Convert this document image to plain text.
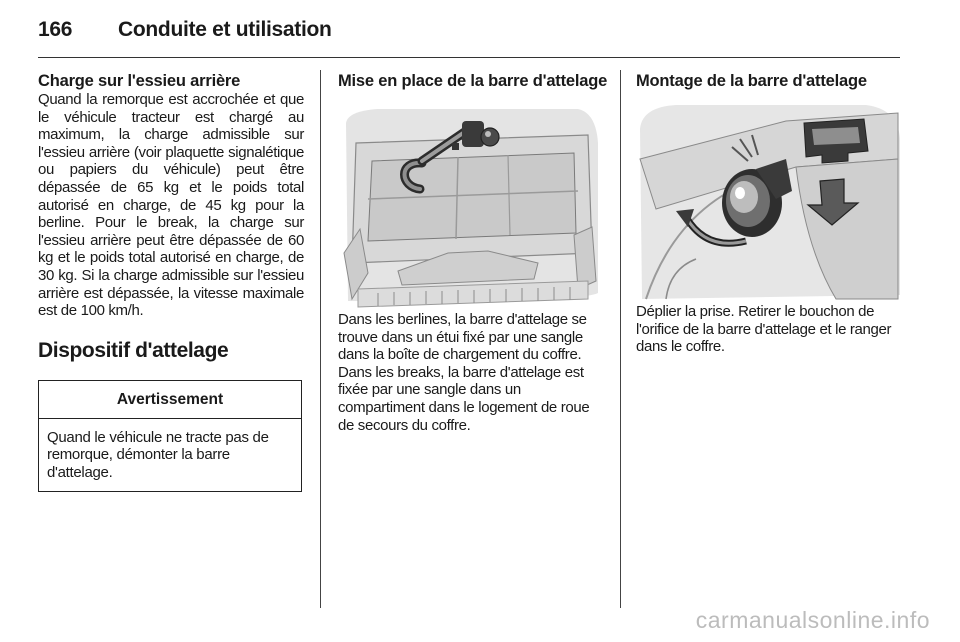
166 Conduite et utilisation
Charge sur l'essieu arrière

Quand la remorque est accrochée et que le véhicule tracteur est chargé au maximum, la charge admissible sur l'essieu arrière (voir plaquette signalétique ou papiers du véhicule) peut être dépassée de 65 kg et le poids total autorisé en charge, de 45 kg pour la berline. Pour le break, la charge sur l'essieu arrière peut être dépassée de 60 kg et le poids total autorisé en charge, de 30 kg. Si la charge admissible sur l'essieu arrière est dépassée, la vitesse maximale est de 100 km/h.

Dispositif d'attelage
Avertissement
Quand le véhicule ne tracte pas de remorque, démonter la barre d'attelage.
Mise en place de la barre d'attelage

Dans les berlines, la barre d'attelage se trouve dans un étui fixé par une sangle dans la boîte de chargement du coffre. Dans les breaks, la barre d'attelage est fixée par une sangle dans un compartiment dans le logement de roue de secours du coffre.

Montage de la barre d'attelage

Déplier la prise. Retirer le bouchon de l'orifice de la barre d'attelage et le ranger dans le coffre.

carmanualsonline.info
